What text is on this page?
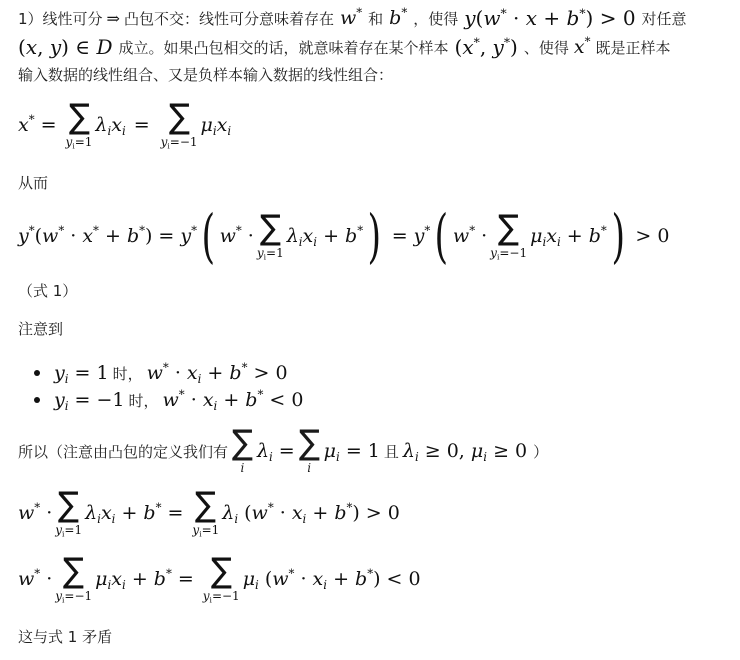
1）线性可分 ⇒ 凸包不交：线性可分意味着存在 w* 和 b* ，使得 y(w* · x + b*) > 0 对任意
(x, y) ∈ D 成立。如果凸包相交的话，就意味着存在某个样本 (x*, y*) 、使得 x* 既是正样本
输入数据的线性组合、又是负样本输入数据的线性组合：
x* = ∑
$y_i=1$
$\lambda_ix_i$ = ∑
$y_i=-1$
$\mu_ix_i$
从而
y*(w* · x* + b*) = y* ( w* · ∑
$y_i=1$
$\lambda_ix_i + b^*$ ) = y* ( w* · ∑
$y_i=-1$
$\mu_ix_i + b^*$ ) > 0
（式 1）
注意到
$y_i = 1$ 时， $w^* \cdot x_i + b^* > 0$
$y_i = -1$ 时， $w^* \cdot x_i + b^* < 0$
所以（注意由凸包的定义我们有 ∑
i
$\lambda_i$ = ∑
i
$\mu_i = 1$ 且 $\lambda_i \ge 0$, $\mu_i \ge 0$ ）
w* · ∑
$y_i=1$
$\lambda_ix_i + b^*$ = ∑
$y_i=1$
$\lambda_i$ $(w^* \cdot x_i + b^*) > 0$
w* · ∑
$y_i=-1$
$\mu_ix_i + b^*$ = ∑
$y_i=-1$
$\mu_i$ $(w^* \cdot x_i + b^*) < 0$
这与式 1 矛盾
